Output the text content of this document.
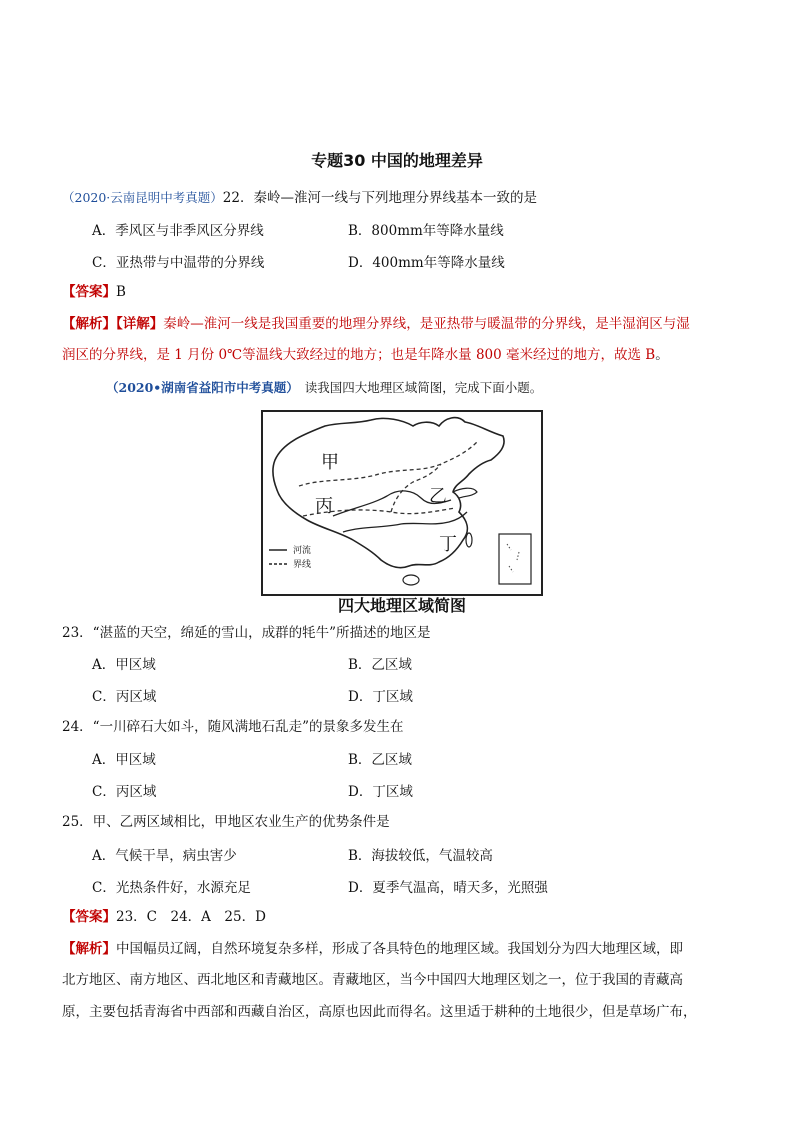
专题30 中国的地理差异
（2020·云南昆明中考真题）22．秦岭—淮河一线与下列地理分界线基本一致的是
A．季风区与非季风区分界线	B．800mm年等降水量线
C．亚热带与中温带的分界线	D．400mm年等降水量线
【答案】B
【解析】【详解】秦岭—淮河一线是我国重要的地理分界线，是亚热带与暖温带的分界线，是半湿润区与湿
润区的分界线，是 1 月份 0℃等温线大致经过的地方；也是年降水量 800 毫米经过的地方，故选 B。
（2020•湖南省益阳市中考真题） 读我国四大地理区域简图，完成下面小题。
甲
乙
丙
丁
河流
界线
四大地理区域简图
23．“湛蓝的天空，绵延的雪山，成群的牦牛”所描述的地区是
A．甲区域	B．乙区域
C．丙区域	D．丁区域
24．“一川碎石大如斗，随风满地石乱走”的景象多发生在
A．甲区域	B．乙区域
C．丙区域	D．丁区域
25．甲、乙两区域相比，甲地区农业生产的优势条件是
A．气候干旱，病虫害少	B．海拔较低，气温较高
C．光热条件好，水源充足	D．夏季气温高，晴天多，光照强
【答案】23．C　24．A　25．D
【解析】中国幅员辽阔，自然环境复杂多样，形成了各具特色的地理区域。我国划分为四大地理区域，即
北方地区、南方地区、西北地区和青藏地区。青藏地区，当今中国四大地理区划之一，位于我国的青藏高
原，主要包括青海省中西部和西藏自治区，高原也因此而得名。这里适于耕种的土地很少，但是草场广布，
